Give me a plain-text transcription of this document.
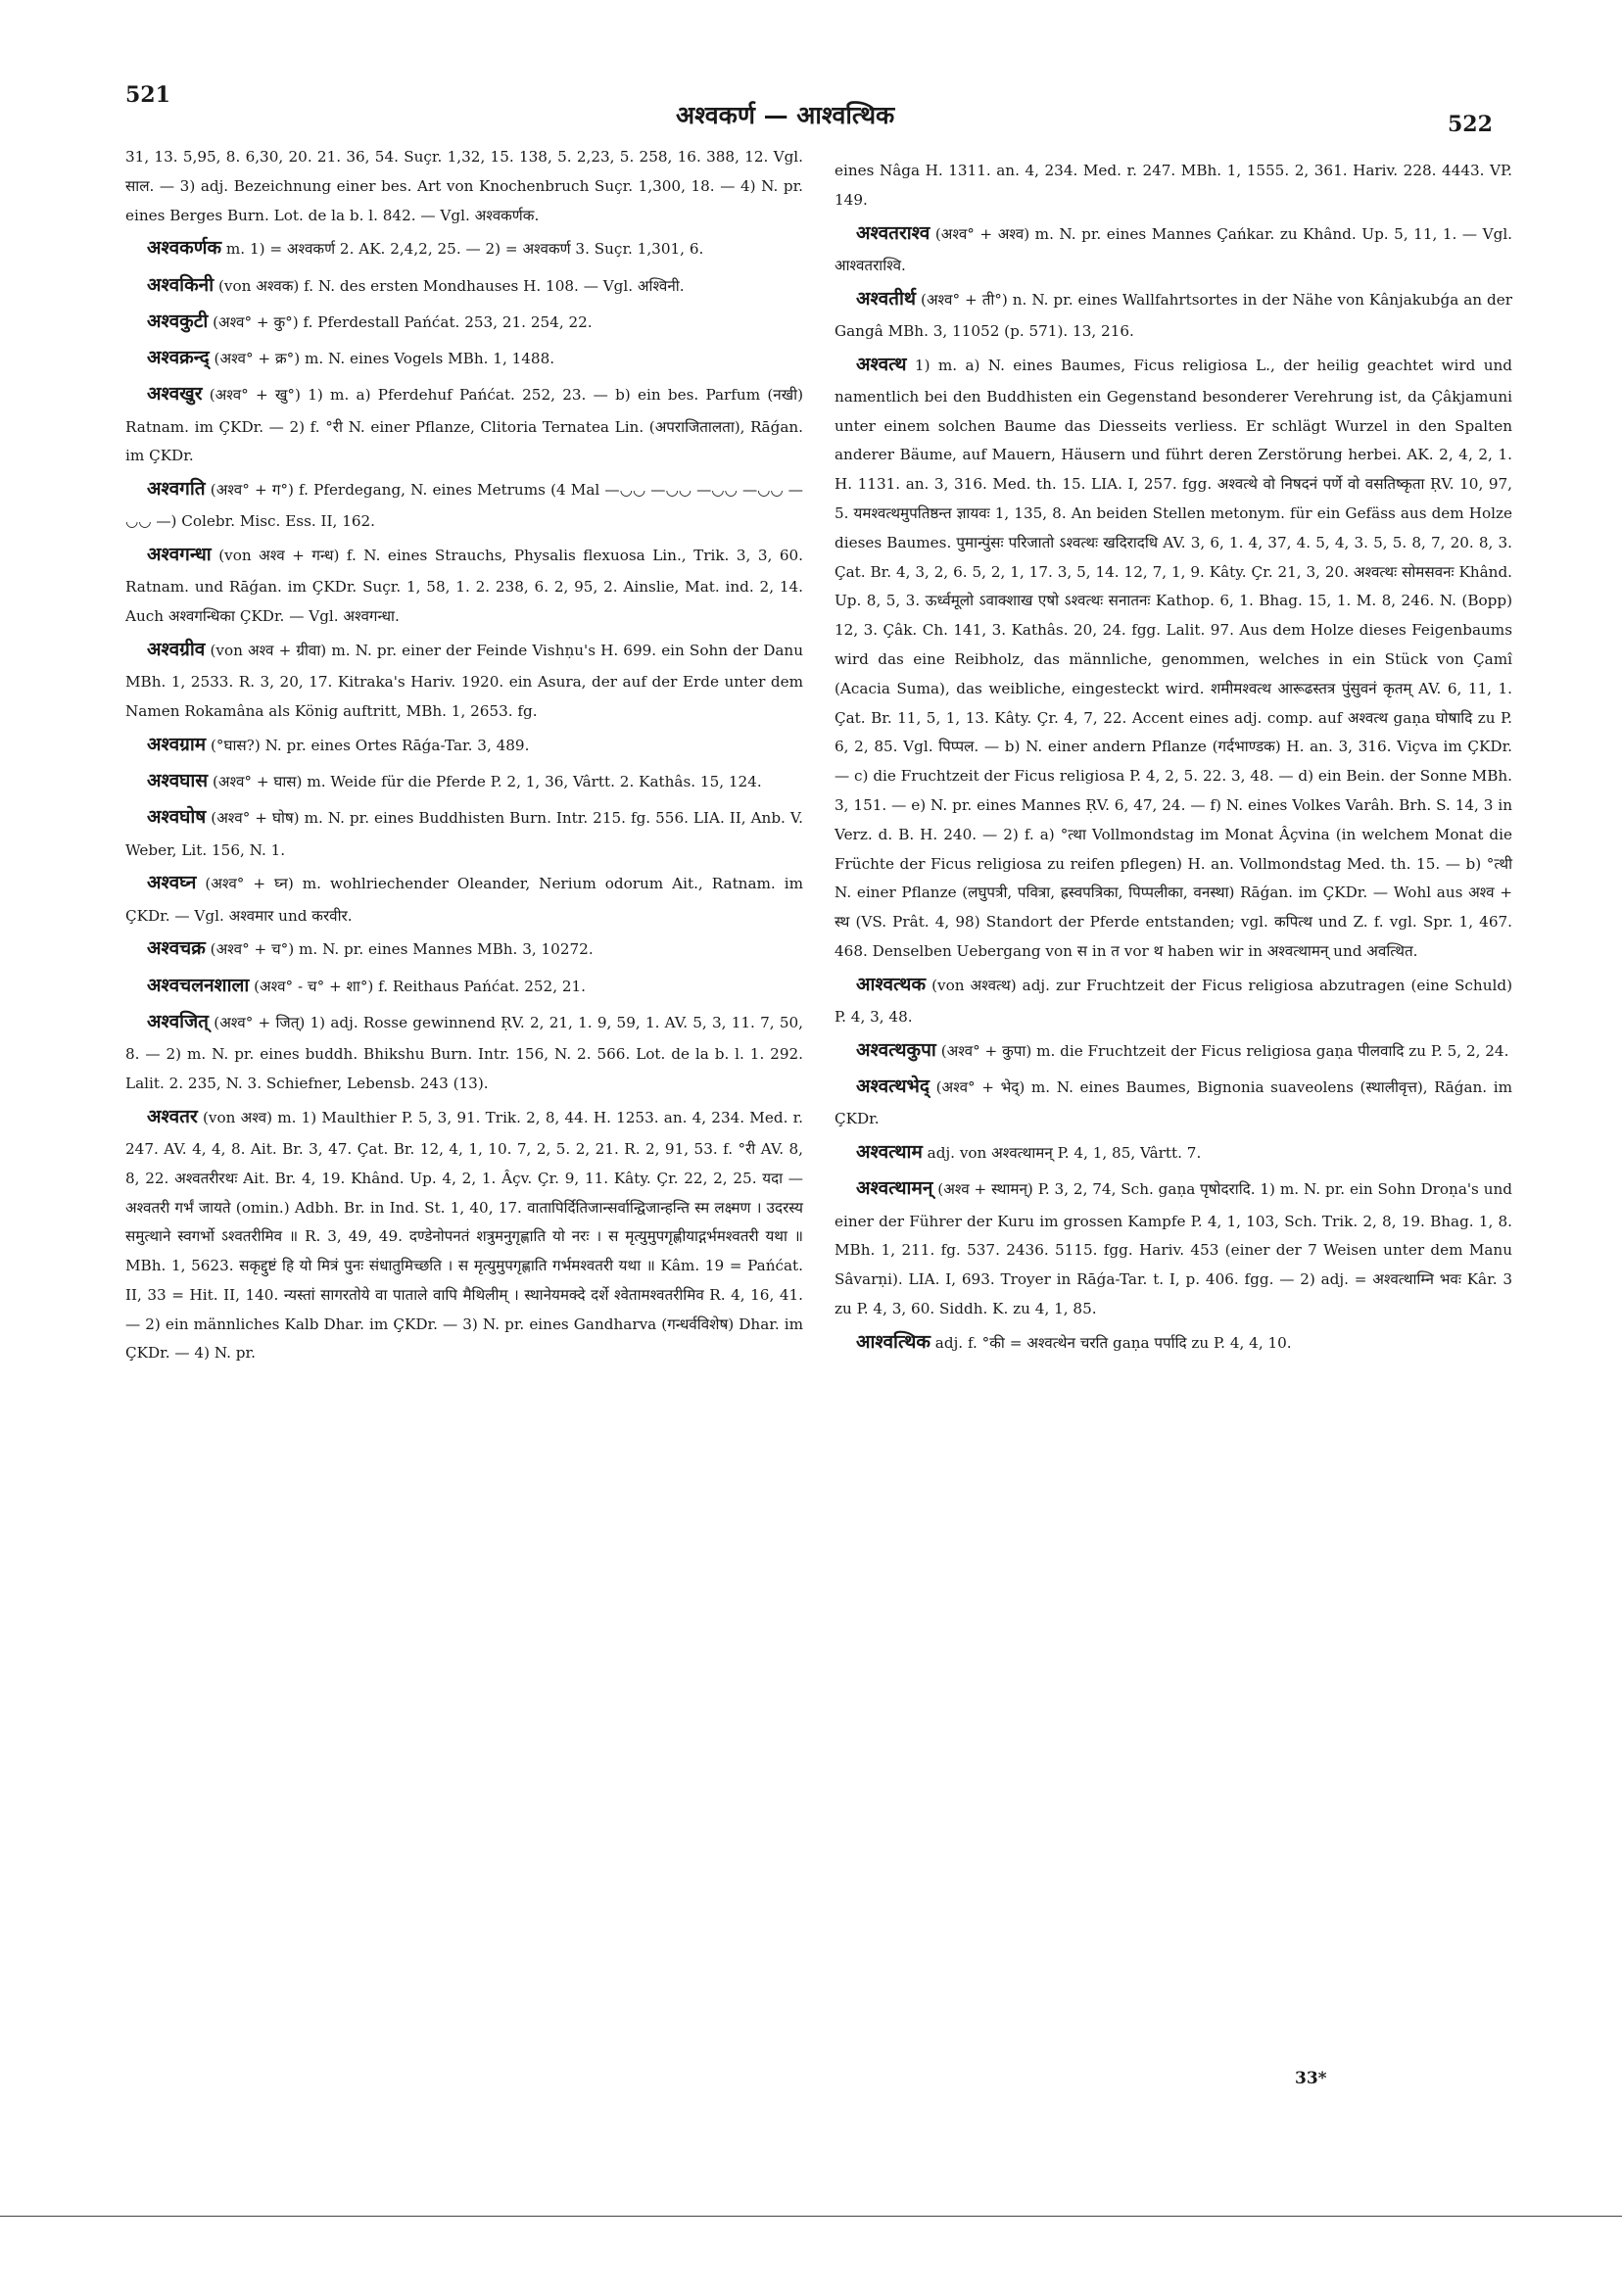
521
अश्वकर्ण — आश्वत्थिक	522

31, 13. 5,95, 8. 6,30, 20. 21. 36, 54. Suçr. 1,32, 15. 138, 5. 2,23, 5. 258, 16. 388, 12. Vgl. साल. — 3) adj. Bezeichnung einer bes. Art von Knochenbruch Suçr. 1,300, 18. — 4) N. pr. eines Berges Burn. Lot. de la b. l. 842. — Vgl. अश्वकर्णक.

अश्वकर्णक m. 1) = अश्वकर्ण 2. AK. 2,4,2, 25. — 2) = अश्वकर्ण 3. Suçr. 1,301, 6.

अश्वकिनी (von अश्वक) f. N. des ersten Mondhauses H. 108. — Vgl. अश्विनी.

अश्वकुटी (अश्व° + कु°) f. Pferdestall Pańćat. 253, 21. 254, 22.

अश्वक्रन्द् (अश्व° + क्र°) m. N. eines Vogels MBh. 1, 1488.

अश्वखुर (अश्व° + खु°) 1) m. a) Pferdehuf Pańćat. 252, 23. — b) ein bes. Parfum (नखी) Ratnam. im ÇKDr. — 2) f. °री N. einer Pflanze, Clitoria Ternatea Lin. (अपराजितालता), Rāǵan. im ÇKDr.

अश्वगति (अश्व° + ग°) f. Pferdegang, N. eines Metrums (4 Mal —◡◡ —◡◡ —◡◡ —◡◡ —◡◡ —) Colebr. Misc. Ess. II, 162.

अश्वगन्धा (von अश्व + गन्ध) f. N. eines Strauchs, Physalis flexuosa Lin., Trik. 3, 3, 60. Ratnam. und Rāǵan. im ÇKDr. Suçr. 1, 58, 1. 2. 238, 6. 2, 95, 2. Ainslie, Mat. ind. 2, 14. Auch अश्वगन्धिका ÇKDr. — Vgl. अश्वगन्धा.

अश्वग्रीव (von अश्व + ग्रीवा) m. N. pr. einer der Feinde Vishṇu's H. 699. ein Sohn der Danu MBh. 1, 2533. R. 3, 20, 17. Kitraka's Hariv. 1920. ein Asura, der auf der Erde unter dem Namen Rokamâna als König auftritt, MBh. 1, 2653. fg.

अश्वग्राम (°घास?) N. pr. eines Ortes Rāǵa-Tar. 3, 489.

अश्वघास (अश्व° + घास) m. Weide für die Pferde P. 2, 1, 36, Vârtt. 2. Kathâs. 15, 124.

अश्वघोष (अश्व° + घोष) m. N. pr. eines Buddhisten Burn. Intr. 215. fg. 556. LIA. II, Anb. V. Weber, Lit. 156, N. 1.

अश्वघ्न (अश्व° + घ्न) m. wohlriechender Oleander, Nerium odorum Ait., Ratnam. im ÇKDr. — Vgl. अश्वमार und करवीर.

अश्वचक्र (अश्व° + च°) m. N. pr. eines Mannes MBh. 3, 10272.

अश्वचलनशाला (अश्व° - च° + शा°) f. Reithaus Pańćat. 252, 21.

अश्वजित् (अश्व° + जित्) 1) adj. Rosse gewinnend ṚV. 2, 21, 1. 9, 59, 1. AV. 5, 3, 11. 7, 50, 8. — 2) m. N. pr. eines buddh. Bhikshu Burn. Intr. 156, N. 2. 566. Lot. de la b. l. 1. 292. Lalit. 2. 235, N. 3. Schiefner, Lebensb. 243 (13).

अश्वतर (von अश्व) m. 1) Maulthier P. 5, 3, 91. Trik. 2, 8, 44. H. 1253. an. 4, 234. Med. r. 247. AV. 4, 4, 8. Ait. Br. 3, 47. Çat. Br. 12, 4, 1, 10. 7, 2, 5. 2, 21. R. 2, 91, 53. f. °री AV. 8, 8, 22. अश्वतरीरथः Ait. Br. 4, 19. Khând. Up. 4, 2, 1. Âçv. Çr. 9, 11. Kâty. Çr. 22, 2, 25. यदा — अश्वतरी गर्भं जायते (omin.) Adbh. Br. in Ind. St. 1, 40, 17. वातापिर्दितिजान्सर्वान्द्विजान्हन्ति स्म लक्ष्मण । उदरस्य समुत्थाने स्वगर्भो ऽश्वतरीमिव ॥ R. 3, 49, 49. दण्डेनोपनतं शत्रुमनुगृह्णाति यो नरः । स मृत्युमुपगृह्णीयाद्गर्भमश्वतरी यथा ॥ MBh. 1, 5623. सकृद्दुष्टं हि यो मित्रं पुनः संधातुमिच्छति । स मृत्युमुपगृह्णाति गर्भमश्वतरी यथा ॥ Kâm. 19 = Pańćat. II, 33 = Hit. II, 140. न्यस्तां सागरतोये वा पाताले वापि मैथिलीम् । स्थानेयमक्दे दर्शे श्वेतामश्वतरीमिव R. 4, 16, 41. — 2) ein männliches Kalb Dhar. im ÇKDr. — 3) N. pr. eines Gandharva (गन्धर्वविशेष) Dhar. im ÇKDr. — 4) N. pr.

eines Nâga H. 1311. an. 4, 234. Med. r. 247. MBh. 1, 1555. 2, 361. Hariv. 228. 4443. VP. 149.

अश्वतराश्व (अश्व° + अश्व) m. N. pr. eines Mannes Çańkar. zu Khând. Up. 5, 11, 1. — Vgl. आश्वतराश्वि.

अश्वतीर्थ (अश्व° + ती°) n. N. pr. eines Wallfahrtsortes in der Nähe von Kânjakubǵa an der Gangâ MBh. 3, 11052 (p. 571). 13, 216.

अश्वत्थ 1) m. a) N. eines Baumes, Ficus religiosa L., der heilig geachtet wird und namentlich bei den Buddhisten ein Gegenstand besonderer Verehrung ist, da Çâkjamuni unter einem solchen Baume das Diesseits verliess. Er schlägt Wurzel in den Spalten anderer Bäume, auf Mauern, Häusern und führt deren Zerstörung herbei. AK. 2, 4, 2, 1. H. 1131. an. 3, 316. Med. th. 15. LIA. I, 257. fgg. अश्वत्थे वो निषदनं पर्णे वो वसतिष्कृता ṚV. 10, 97, 5. यमश्वत्थमुपतिष्ठन्त ज्ञायवः 1, 135, 8. An beiden Stellen metonym. für ein Gefäss aus dem Holze dieses Baumes. पुमान्पुंसः परिजातो ऽश्वत्थः खदिरादधि AV. 3, 6, 1. 4, 37, 4. 5, 4, 3. 5, 5. 8, 7, 20. 8, 3. Çat. Br. 4, 3, 2, 6. 5, 2, 1, 17. 3, 5, 14. 12, 7, 1, 9. Kâty. Çr. 21, 3, 20. अश्वत्थः सोमसवनः Khând. Up. 8, 5, 3. ऊर्ध्वमूलो ऽवाक्शाख एषो ऽश्वत्थः सनातनः Kathop. 6, 1. Bhag. 15, 1. M. 8, 246. N. (Bopp) 12, 3. Çâk. Ch. 141, 3. Kathâs. 20, 24. fgg. Lalit. 97. Aus dem Holze dieses Feigenbaums wird das eine Reibholz, das männliche, genommen, welches in ein Stück von Çamî (Acacia Suma), das weibliche, eingesteckt wird. शमीमश्वत्थ आरूढस्तत्र पुंसुवनं कृतम् AV. 6, 11, 1. Çat. Br. 11, 5, 1, 13. Kâty. Çr. 4, 7, 22. Accent eines adj. comp. auf अश्वत्थ gaṇa घोषादि zu P. 6, 2, 85. Vgl. पिप्पल. — b) N. einer andern Pflanze (गर्दभाण्डक) H. an. 3, 316. Viçva im ÇKDr. — c) die Fruchtzeit der Ficus religiosa P. 4, 2, 5. 22. 3, 48. — d) ein Bein. der Sonne MBh. 3, 151. — e) N. pr. eines Mannes ṚV. 6, 47, 24. — f) N. eines Volkes Varâh. Brh. S. 14, 3 in Verz. d. B. H. 240. — 2) f. a) °त्था Vollmondstag im Monat Âçvina (in welchem Monat die Früchte der Ficus religiosa zu reifen pflegen) H. an. Vollmondstag Med. th. 15. — b) °त्थी N. einer Pflanze (लघुपत्री, पवित्रा, ह्रस्वपत्रिका, पिप्पलीका, वनस्था) Rāǵan. im ÇKDr. — Wohl aus अश्व + स्थ (VS. Prât. 4, 98) Standort der Pferde entstanden; vgl. कपित्थ und Z. f. vgl. Spr. 1, 467. 468. Denselben Uebergang von स in त vor थ haben wir in अश्वत्थामन् und अवत्थित.

आश्वत्थक (von अश्वत्थ) adj. zur Fruchtzeit der Ficus religiosa abzutragen (eine Schuld) P. 4, 3, 48.

अश्वत्थकुपा (अश्व° + कुपा) m. die Fruchtzeit der Ficus religiosa gaṇa पीलवादि zu P. 5, 2, 24.

अश्वत्थभेद् (अश्व° + भेद्) m. N. eines Baumes, Bignonia suaveolens (स्थालीवृत्त), Rāǵan. im ÇKDr.

अश्वत्थाम adj. von अश्वत्थामन् P. 4, 1, 85, Vârtt. 7.

अश्वत्थामन् (अश्व + स्थामन्) P. 3, 2, 74, Sch. gaṇa पृषोदरादि. 1) m. N. pr. ein Sohn Droṇa's und einer der Führer der Kuru im grossen Kampfe P. 4, 1, 103, Sch. Trik. 2, 8, 19. Bhag. 1, 8. MBh. 1, 211. fg. 537. 2436. 5115. fgg. Hariv. 453 (einer der 7 Weisen unter dem Manu Sâvarṇi). LIA. I, 693. Troyer in Rāǵa-Tar. t. I, p. 406. fgg. — 2) adj. = अश्वत्थाम्नि भवः Kâr. 3 zu P. 4, 3, 60. Siddh. K. zu 4, 1, 85.

आश्वत्थिक adj. f. °की = अश्वत्थेन चरति gaṇa पर्पादि zu P. 4, 4, 10.

33*
